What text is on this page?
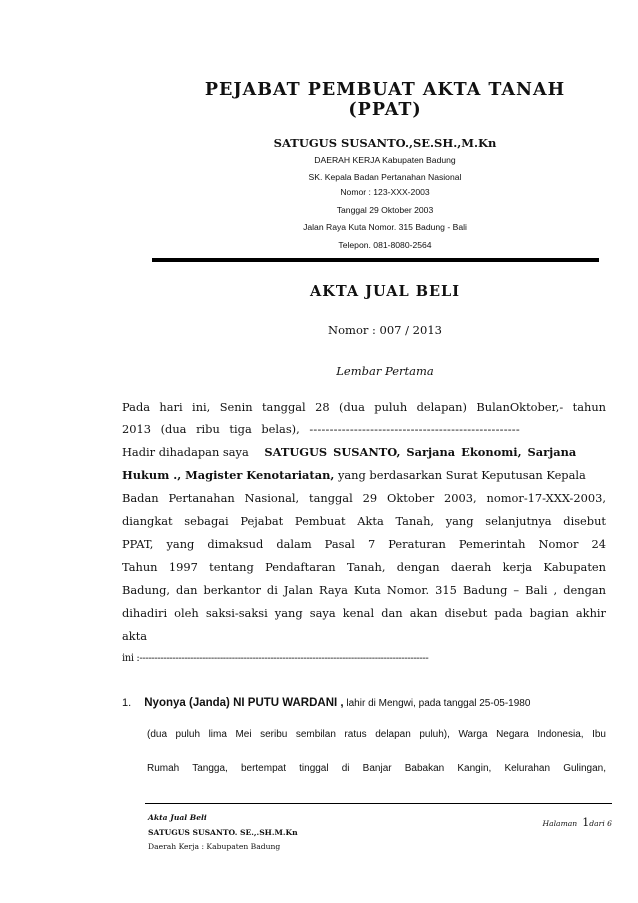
PEJABAT PEMBUAT AKTA TANAH
(PPAT)
SATUGUS SUSANTO.,SE.SH.,M.Kn
DAERAH KERJA Kabupaten Badung
SK. Kepala Badan Pertanahan Nasional
Nomor : 123-XXX-2003
Tanggal 29 Oktober 2003
Jalan Raya Kuta Nomor. 315 Badung - Bali
Telepon. 081-8080-2564
AKTA JUAL BELI
Nomor : 007 / 2013
Lembar Pertama
Pada hari ini, Senin tanggal 28 (dua puluh delapan) BulanOktober,- tahun
2013 (dua ribu tiga belas), ----------------------------------------------------
Hadir dihadapan saya SATUGUS SUSANTO, Sarjana Ekonomi, Sarjana
Hukum ., Magister Kenotariatan, yang berdasarkan Surat Keputusan Kepala
Badan Pertanahan Nasional, tanggal 29 Oktober 2003, nomor-17-XXX-2003,
diangkat sebagai Pejabat Pembuat Akta Tanah, yang selanjutnya disebut
PPAT, yang dimaksud dalam Pasal 7 Peraturan Pemerintah Nomor 24
Tahun 1997 tentang Pendaftaran Tanah, dengan daerah kerja Kabupaten
Badung, dan berkantor di Jalan Raya Kuta Nomor. 315 Badung – Bali , dengan
dihadiri oleh saksi-saksi yang saya kenal dan akan disebut pada bagian akhir
akta
ini :-------------------------------------------------------------------------------------------------
1. Nyonya (Janda) NI PUTU WARDANI , lahir di Mengwi, pada tanggal 25-05-1980
(dua puluh lima Mei seribu sembilan ratus delapan puluh), Warga Negara Indonesia, Ibu
Rumah Tangga, bertempat tinggal di Banjar Babakan Kangin, Kelurahan Gulingan,
Akta Jual Beli
SATUGUS SUSANTO. SE.,.SH.M.Kn
Daerah Kerja : Kabupaten Badung
Halaman 1dari 6
